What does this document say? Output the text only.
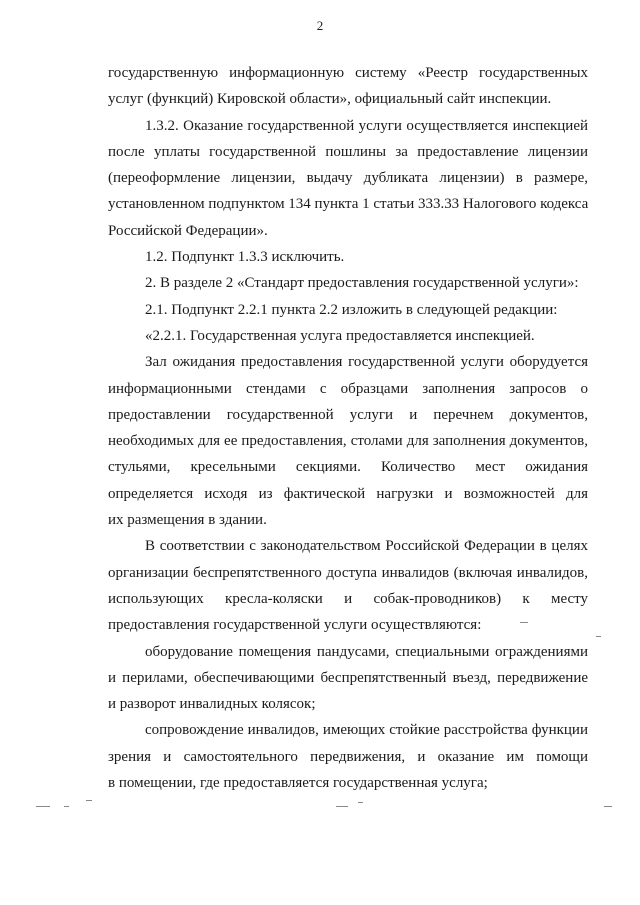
2
государственную информационную систему «Реестр государственных
услуг (функций) Кировской области», официальный сайт инспекции.
1.3.2. Оказание государственной услуги осуществляется инспекцией
после уплаты государственной пошлины за предоставление лицензии
(переоформление лицензии, выдачу дубликата лицензии) в размере,
установленном подпунктом 134 пункта 1 статьи 333.33 Налогового кодекса
Российской Федерации».
1.2. Подпункт 1.3.3 исключить.
2. В разделе 2 «Стандарт предоставления государственной услуги»:
2.1. Подпункт 2.2.1 пункта 2.2 изложить в следующей редакции:
«2.2.1. Государственная услуга предоставляется инспекцией.
Зал ожидания предоставления государственной услуги оборудуется
информационными стендами с образцами заполнения запросов о
предоставлении государственной услуги и перечнем документов,
необходимых для ее предоставления, столами для заполнения документов,
стульями, кресельными секциями. Количество мест ожидания
определяется исходя из фактической нагрузки и возможностей для
их размещения в здании.
В соответствии с законодательством Российской Федерации в целях
организации беспрепятственного доступа инвалидов (включая инвалидов,
использующих кресла-коляски и собак-проводников) к месту
предоставления государственной услуги осуществляются:
оборудование помещения пандусами, специальными ограждениями
и перилами, обеспечивающими беспрепятственный въезд, передвижение
и разворот инвалидных колясок;
сопровождение инвалидов, имеющих стойкие расстройства функции
зрения и самостоятельного передвижения, и оказание им помощи
в помещении, где предоставляется государственная услуга;
